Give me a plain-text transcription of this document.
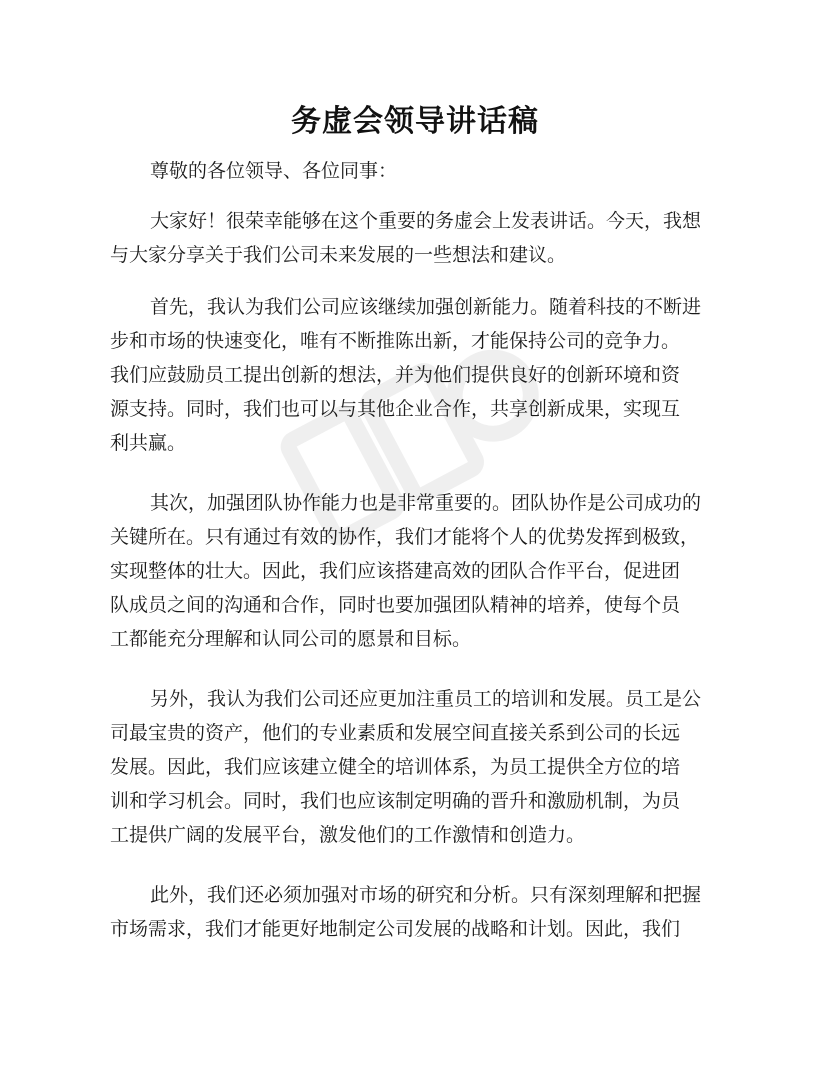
务虚会领导讲话稿
尊敬的各位领导、各位同事：
大家好！很荣幸能够在这个重要的务虚会上发表讲话。今天，我想
与大家分享关于我们公司未来发展的一些想法和建议。
首先，我认为我们公司应该继续加强创新能力。随着科技的不断进
步和市场的快速变化，唯有不断推陈出新，才能保持公司的竞争力。
我们应鼓励员工提出创新的想法，并为他们提供良好的创新环境和资
源支持。同时，我们也可以与其他企业合作，共享创新成果，实现互
利共赢。
其次，加强团队协作能力也是非常重要的。团队协作是公司成功的
关键所在。只有通过有效的协作，我们才能将个人的优势发挥到极致，
实现整体的壮大。因此，我们应该搭建高效的团队合作平台，促进团
队成员之间的沟通和合作，同时也要加强团队精神的培养，使每个员
工都能充分理解和认同公司的愿景和目标。
另外，我认为我们公司还应更加注重员工的培训和发展。员工是公
司最宝贵的资产，他们的专业素质和发展空间直接关系到公司的长远
发展。因此，我们应该建立健全的培训体系，为员工提供全方位的培
训和学习机会。同时，我们也应该制定明确的晋升和激励机制，为员
工提供广阔的发展平台，激发他们的工作激情和创造力。
此外，我们还必须加强对市场的研究和分析。只有深刻理解和把握
市场需求，我们才能更好地制定公司发展的战略和计划。因此，我们
